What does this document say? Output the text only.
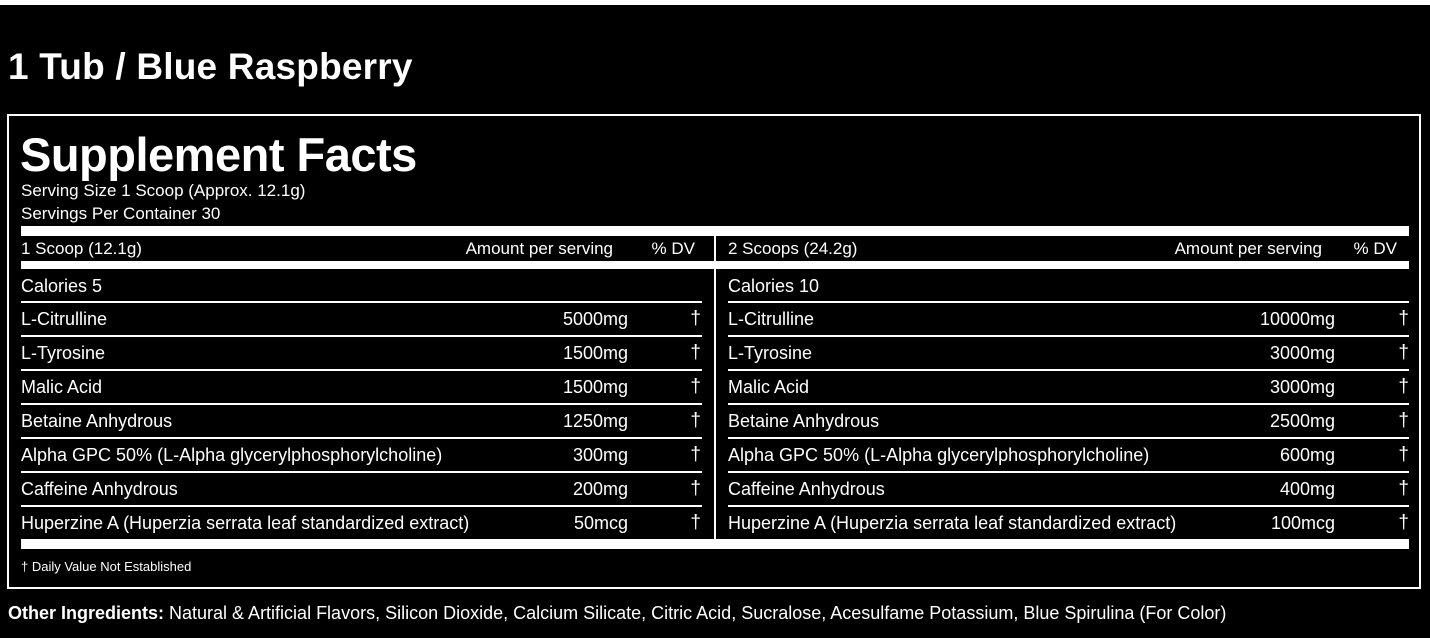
1 Tub / Blue Raspberry
Supplement Facts
Serving Size 1 Scoop (Approx. 12.1g)
Servings Per Container 30
1 Scoop (12.1g)	Amount per serving % DV
Calories 5
L-Citrulline	5000mg	†
L-Tyrosine	1500mg	†
Malic Acid	1500mg	†
Betaine Anhydrous	1250mg	†
Alpha GPC 50% (L-Alpha glycerylphosphorylcholine)	300mg	†
Caffeine Anhydrous	200mg	†
Huperzine A (Huperzia serrata leaf standardized extract)	50mcg	†
2 Scoops (24.2g)	Amount per serving % DV
Calories 10
L-Citrulline	10000mg	†
L-Tyrosine	3000mg	†
Malic Acid	3000mg	†
Betaine Anhydrous	2500mg	†
Alpha GPC 50% (L-Alpha glycerylphosphorylcholine)	600mg	†
Caffeine Anhydrous	400mg	†
Huperzine A (Huperzia serrata leaf standardized extract)	100mcg	†
† Daily Value Not Established
Other Ingredients: Natural & Artificial Flavors, Silicon Dioxide, Calcium Silicate, Citric Acid, Sucralose, Acesulfame Potassium, Blue Spirulina (For Color)
